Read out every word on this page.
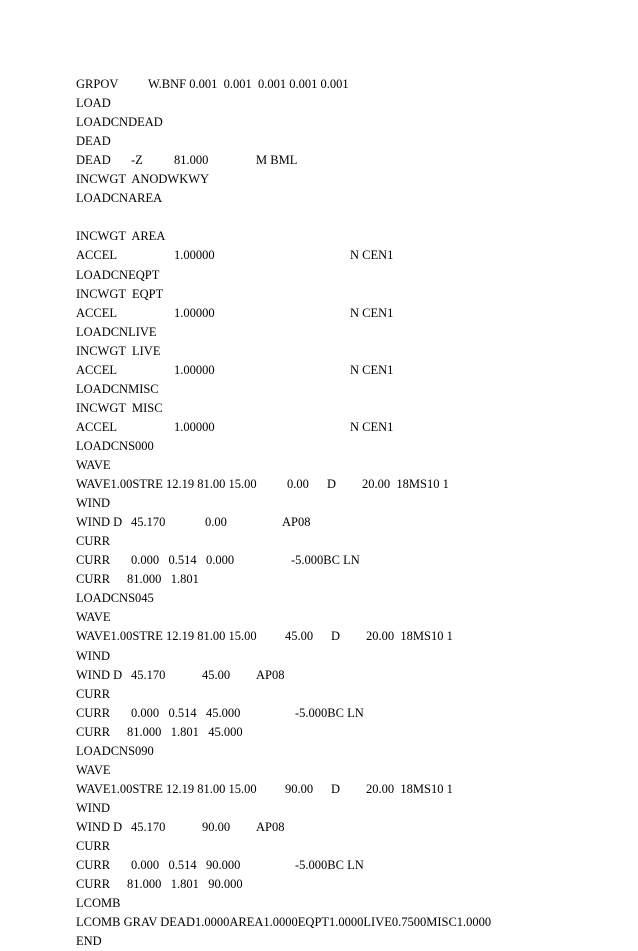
GRPOV W.BNF 0.001  0.001  0.001 0.001 0.001
LOAD
LOADCNDEAD
DEAD
DEAD -Z 81.000	M BML
INCWGT  ANODWKWY
LOADCNAREA
INCWGT  AREA
ACCEL	1.00000	N CEN1
LOADCNEQPT
INCWGT  EQPT
ACCEL	1.00000	N CEN1
LOADCNLIVE
INCWGT  LIVE
ACCEL	1.00000	N CEN1
LOADCNMISC
INCWGT  MISC
ACCEL	1.00000	N CEN1
LOADCNS000
WAVE
WAVE1.00STRE 12.19 81.00 15.00 0.00 D 20.00  18MS10 1
WIND
WIND D 45.170	0.00	AP08
CURR
CURR 0.000   0.514   0.000	-5.000BC LN
CURR 81.000   1.801
LOADCNS045
WAVE
WAVE1.00STRE 12.19 81.00 15.00 45.00 D 20.00  18MS10 1
WIND
WIND D 45.170	45.00 AP08
CURR
CURR 0.000   0.514   45.000	-5.000BC LN
CURR 81.000   1.801   45.000
LOADCNS090
WAVE
WAVE1.00STRE 12.19 81.00 15.00 90.00 D 20.00  18MS10 1
WIND
WIND D 45.170	90.00 AP08
CURR
CURR 0.000   0.514   90.000	-5.000BC LN
CURR 81.000   1.801   90.000
LCOMB
LCOMB GRAV DEAD1.0000AREA1.0000EQPT1.0000LIVE0.7500MISC1.0000
END
